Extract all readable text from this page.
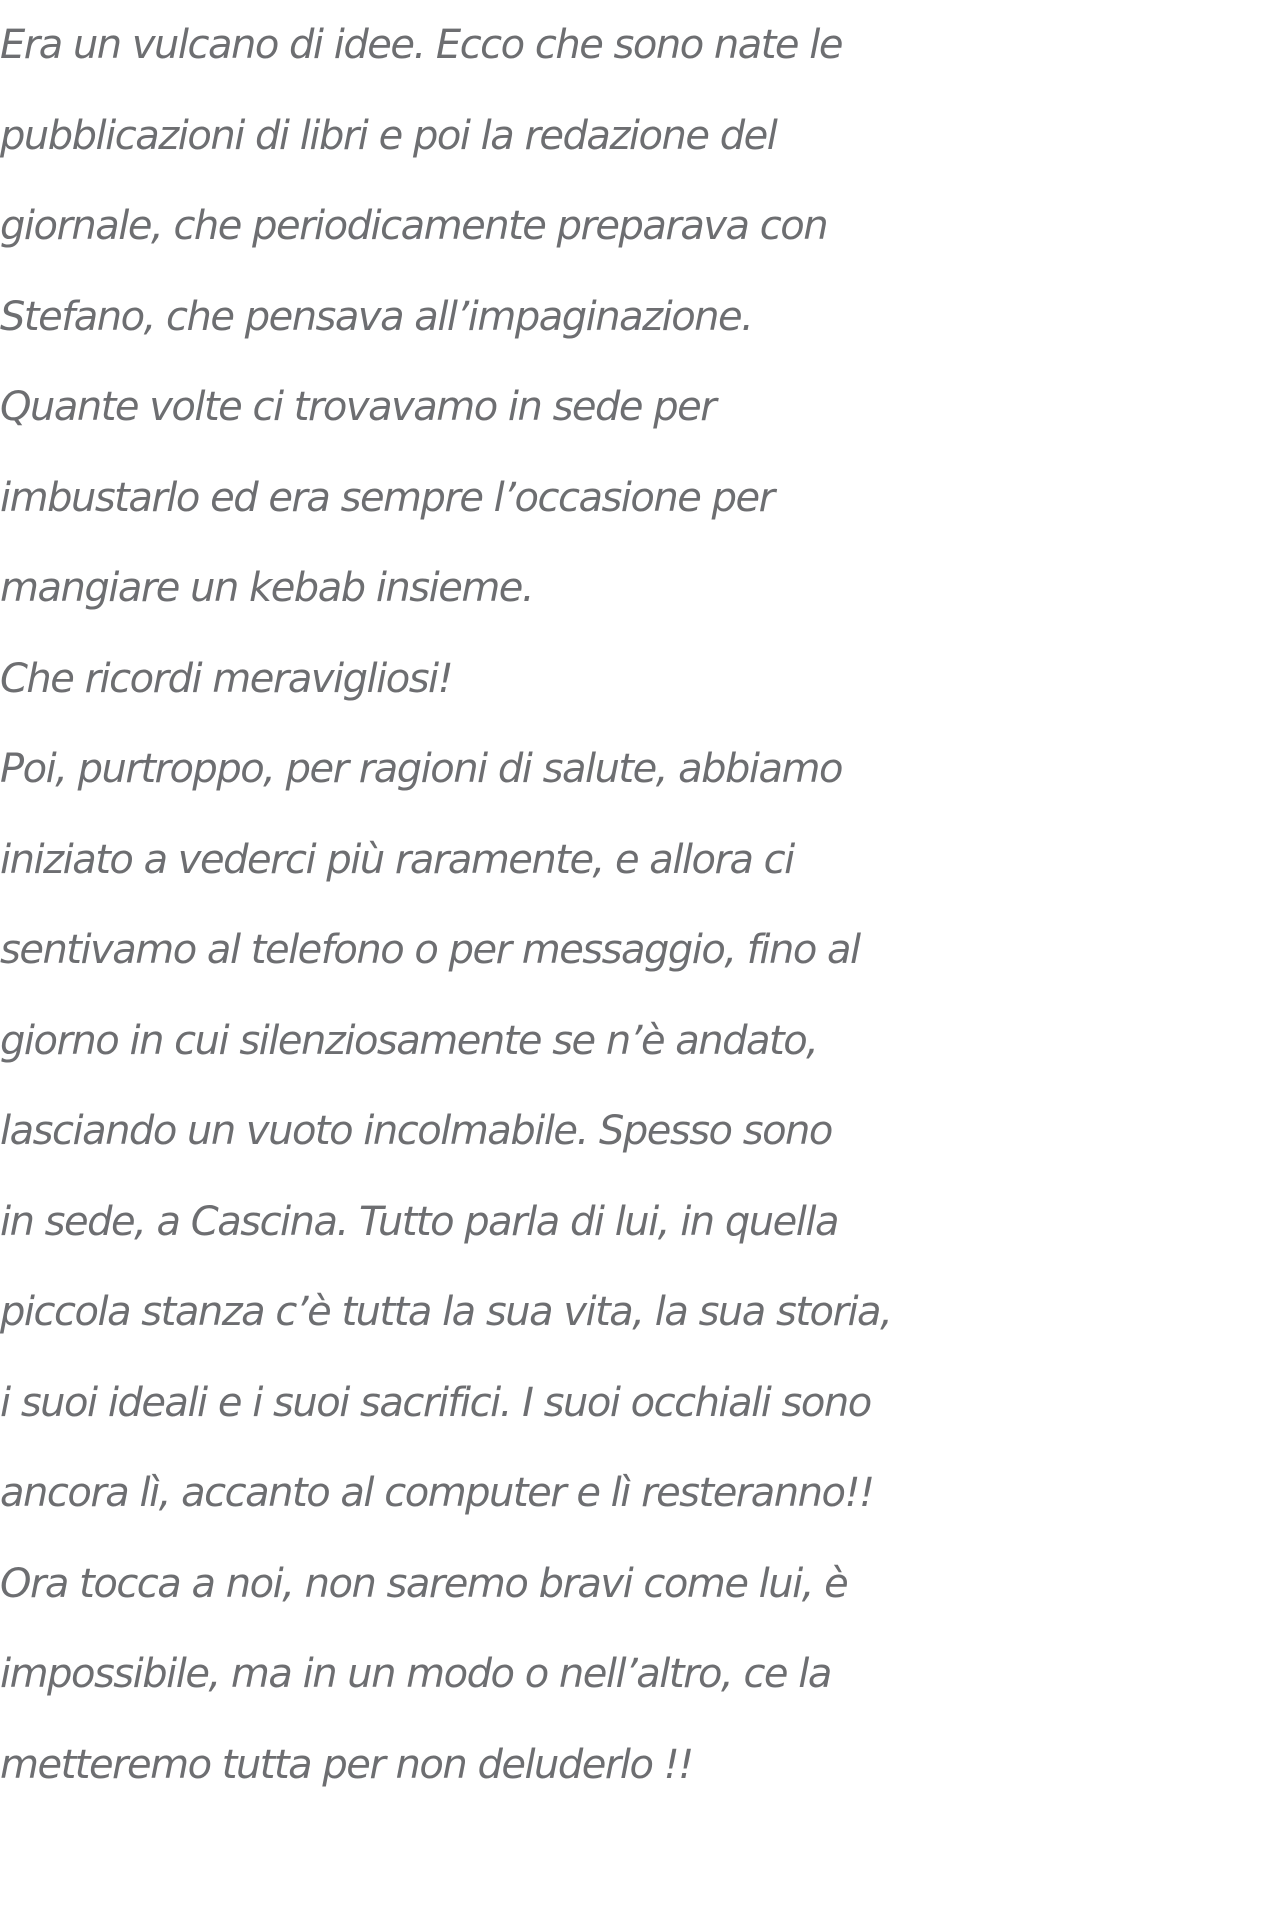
Era un vulcano di idee. Ecco che sono nate le
pubblicazioni di libri e poi la redazione del
giornale, che periodicamente preparava con
Stefano, che pensava all’impaginazione.
Quante volte ci trovavamo in sede per
imbustarlo ed era sempre l’occasione per
mangiare un kebab insieme.
Che ricordi meravigliosi!
Poi, purtroppo, per ragioni di salute, abbiamo
iniziato a vederci più raramente, e allora ci
sentivamo al telefono o per messaggio, fino al
giorno in cui silenziosamente se n’è andato,
lasciando un vuoto incolmabile. Spesso sono
in sede, a Cascina. Tutto parla di lui, in quella
piccola stanza c’è tutta la sua vita, la sua storia,
i suoi ideali e i suoi sacrifici. I suoi occhiali sono
ancora lì, accanto al computer e lì resteranno!!
Ora tocca a noi, non saremo bravi come lui, è
impossibile, ma in un modo o nell’altro, ce la
metteremo tutta per non deluderlo !!
